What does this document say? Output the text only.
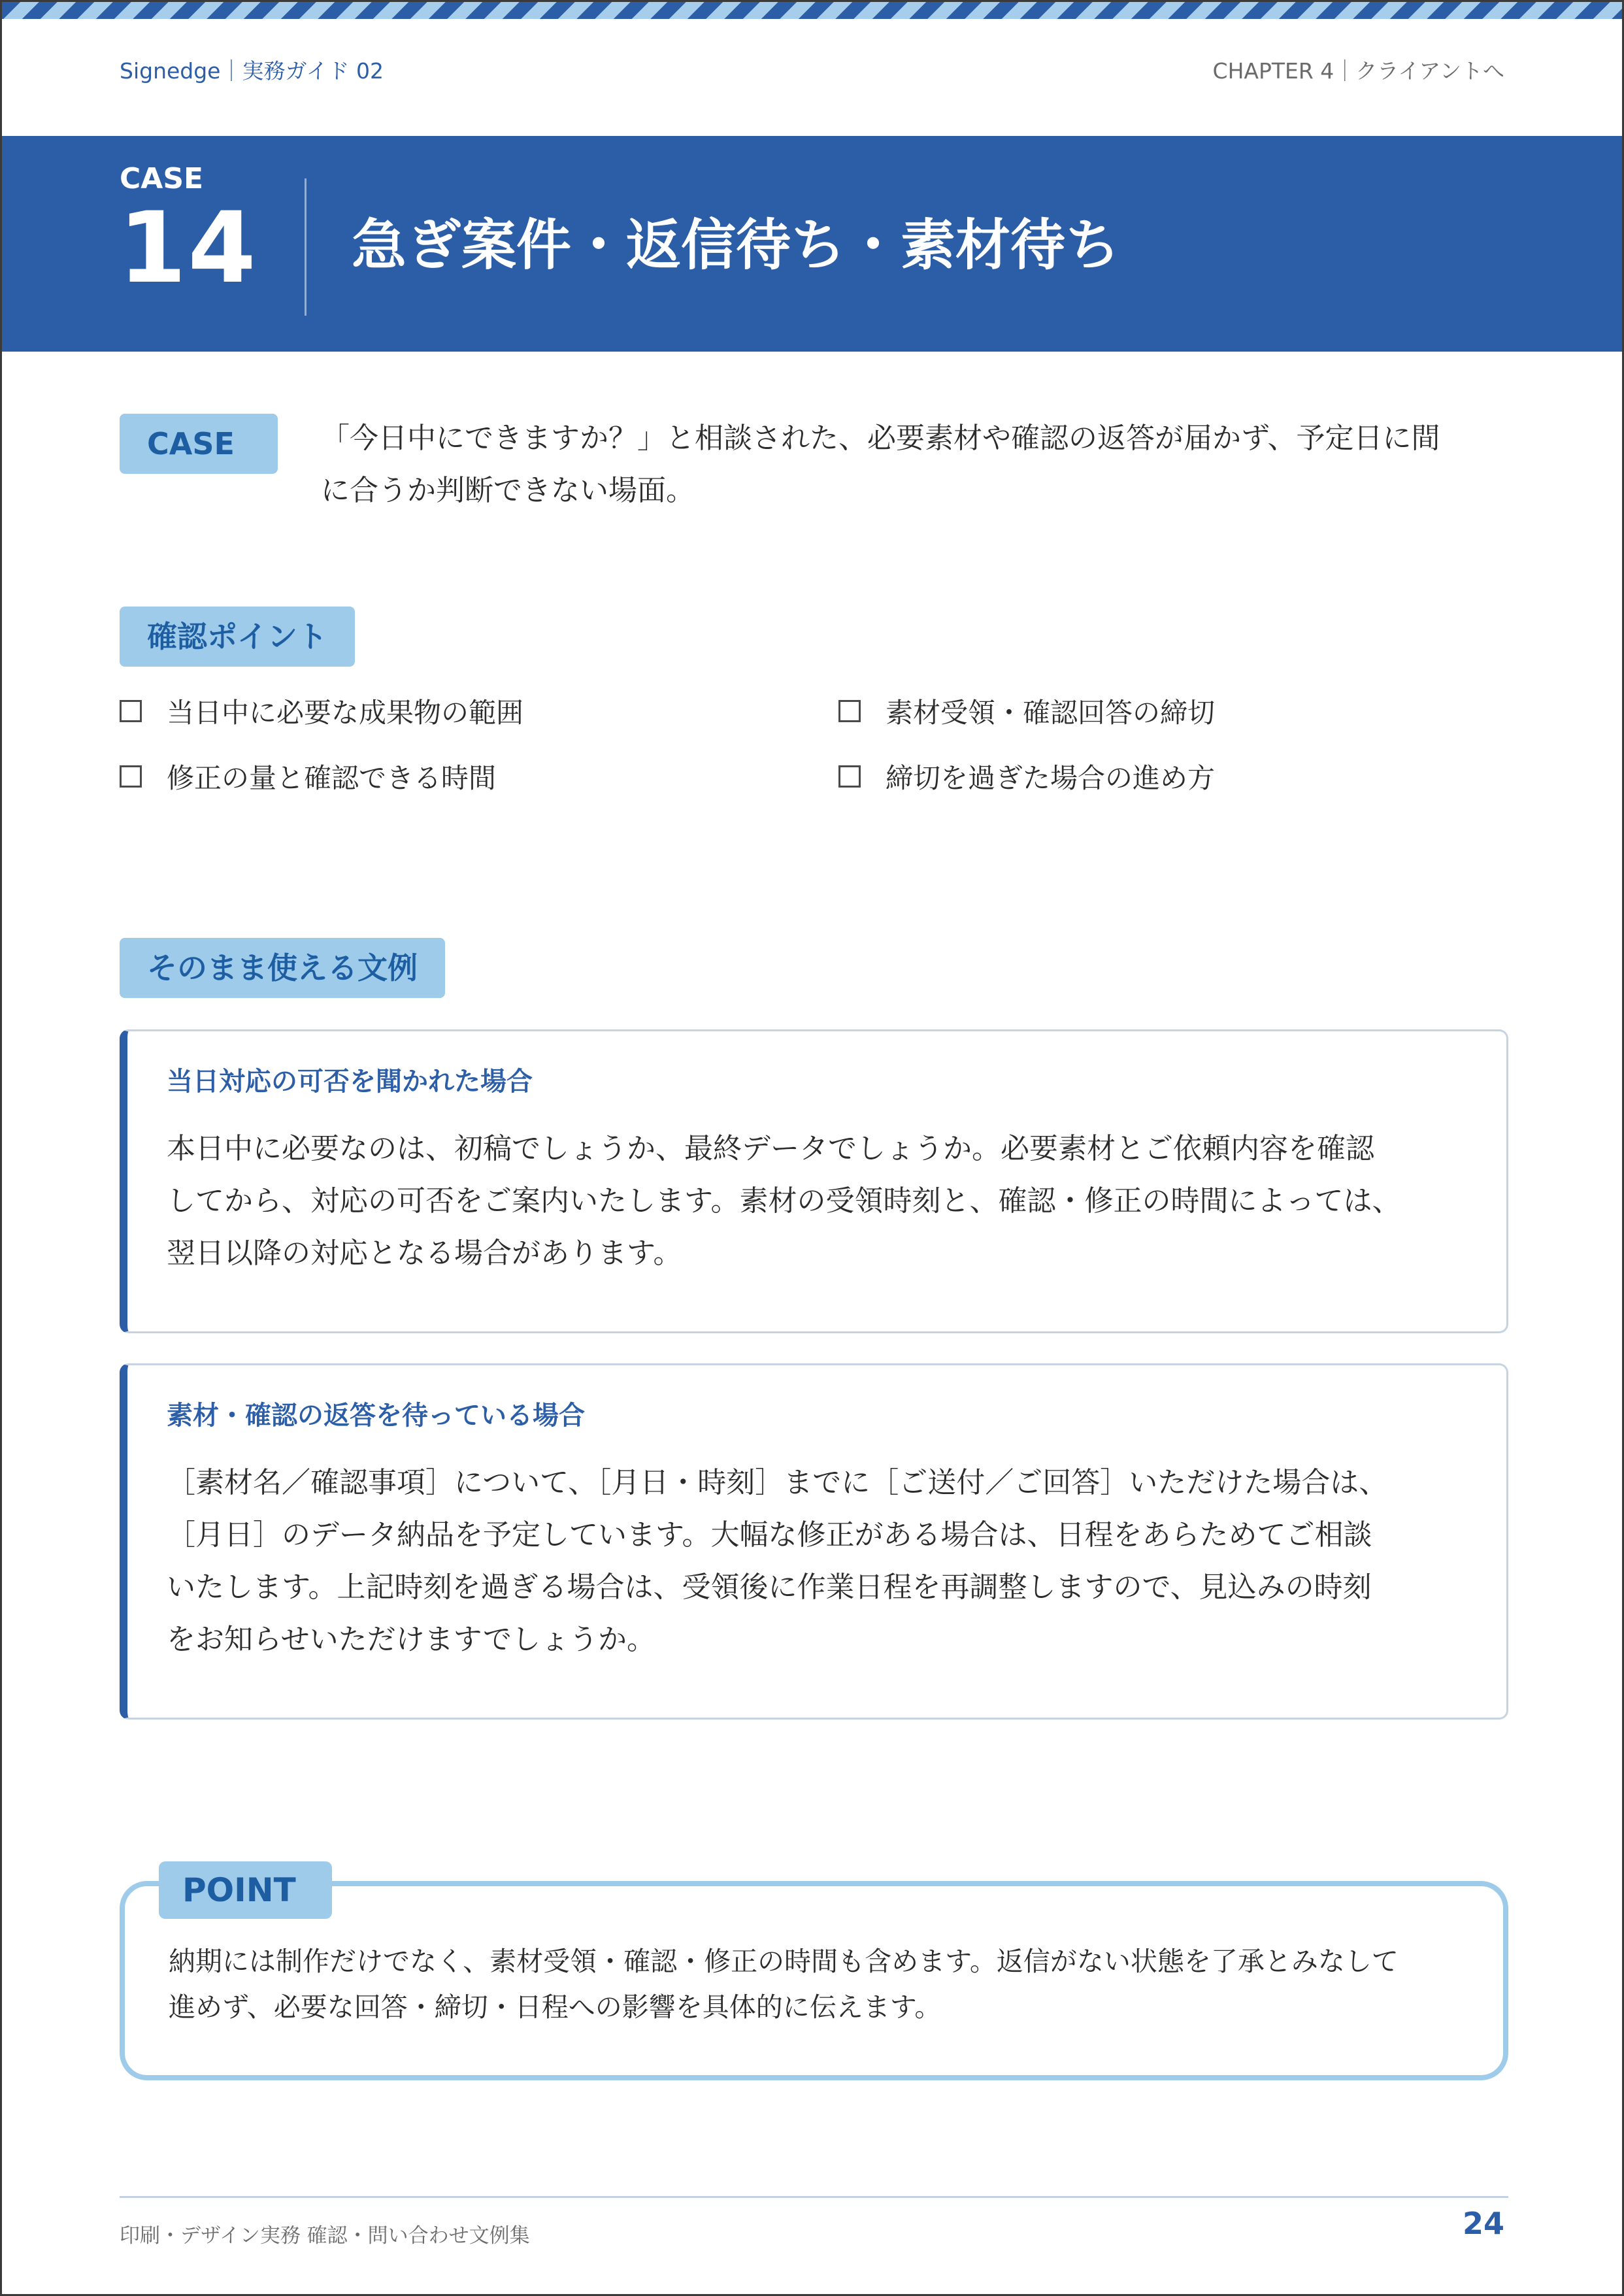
Signedge｜実務ガイド 02	CHAPTER 4｜クライアントへ
CASE
14 急ぎ案件・返信待ち・素材待ち
CASE	「今日中にできますか？」と相談された、必要素材や確認の返答が届かず、予定日に間
に合うか判断できない場面。
確認ポイント
当日中に必要な成果物の範囲	素材受領・確認回答の締切
修正の量と確認できる時間	締切を過ぎた場合の進め方
そのまま使える文例
当日対応の可否を聞かれた場合
本日中に必要なのは、初稿でしょうか、最終データでしょうか。必要素材とご依頼内容を確認
してから、対応の可否をご案内いたします。素材の受領時刻と、確認・修正の時間によっては、
翌日以降の対応となる場合があります。
素材・確認の返答を待っている場合
［素材名／確認事項］について、［月日・時刻］までに［ご送付／ご回答］いただけた場合は、
［月日］のデータ納品を予定しています。大幅な修正がある場合は、日程をあらためてご相談
いたします。上記時刻を過ぎる場合は、受領後に作業日程を再調整しますので、見込みの時刻
をお知らせいただけますでしょうか。
POINT
納期には制作だけでなく、素材受領・確認・修正の時間も含めます。返信がない状態を了承とみなして
進めず、必要な回答・締切・日程への影響を具体的に伝えます。
印刷・デザイン実務 確認・問い合わせ文例集	24
